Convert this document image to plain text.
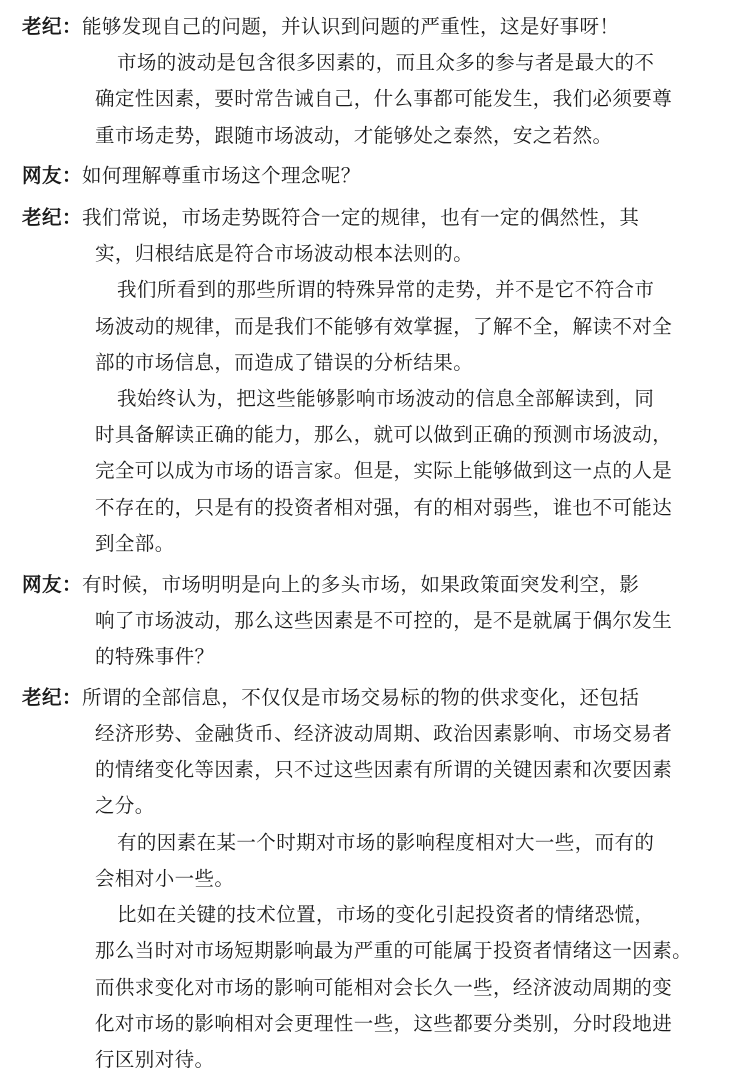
老纪：能够发现自己的问题，并认识到问题的严重性，这是好事呀！
市场的波动是包含很多因素的，而且众多的参与者是最大的不
确定性因素，要时常告诫自己，什么事都可能发生，我们必须要尊
重市场走势，跟随市场波动，才能够处之泰然，安之若然。
网友：如何理解尊重市场这个理念呢？
老纪：我们常说，市场走势既符合一定的规律，也有一定的偶然性，其
实，归根结底是符合市场波动根本法则的。
我们所看到的那些所谓的特殊异常的走势，并不是它不符合市
场波动的规律，而是我们不能够有效掌握，了解不全，解读不对全
部的市场信息，而造成了错误的分析结果。
我始终认为，把这些能够影响市场波动的信息全部解读到，同
时具备解读正确的能力，那么，就可以做到正确的预测市场波动，
完全可以成为市场的语言家。但是，实际上能够做到这一点的人是
不存在的，只是有的投资者相对强，有的相对弱些，谁也不可能达
到全部。
网友：有时候，市场明明是向上的多头市场，如果政策面突发利空，影
响了市场波动，那么这些因素是不可控的，是不是就属于偶尔发生
的特殊事件？
老纪：所谓的全部信息，不仅仅是市场交易标的物的供求变化，还包括
经济形势、金融货币、经济波动周期、政治因素影响、市场交易者
的情绪变化等因素，只不过这些因素有所谓的关键因素和次要因素
之分。
有的因素在某一个时期对市场的影响程度相对大一些，而有的
会相对小一些。
比如在关键的技术位置，市场的变化引起投资者的情绪恐慌，
那么当时对市场短期影响最为严重的可能属于投资者情绪这一因素。
而供求变化对市场的影响可能相对会长久一些，经济波动周期的变
化对市场的影响相对会更理性一些，这些都要分类别，分时段地进
行区别对待。
